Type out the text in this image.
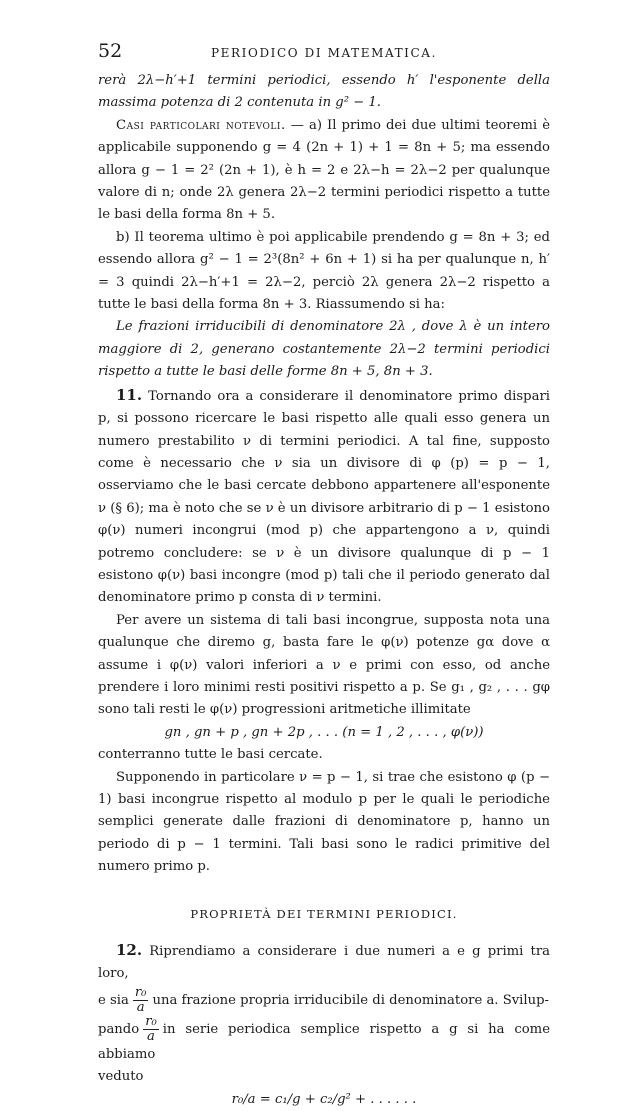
52	PERIODICO DI MATEMATICA.

rerà 2λ−h′+1 termini periodici, essendo h′ l'esponente della massima potenza di 2 contenuta in g² − 1.

Casi particolari notevoli. — a) Il primo dei due ultimi teoremi è applicabile supponendo g = 4 (2n + 1) + 1 = 8n + 5; ma essendo allora g − 1 = 2² (2n + 1), è h = 2 e 2λ−h = 2λ−2 per qualunque valore di n; onde 2λ genera 2λ−2 termini periodici rispetto a tutte le basi della forma 8n + 5.

b) Il teorema ultimo è poi applicabile prendendo g = 8n + 3; ed essendo allora g² − 1 = 2³(8n² + 6n + 1) si ha per qualunque n, h′ = 3 quindi 2λ−h′+1 = 2λ−2, perciò 2λ genera 2λ−2 rispetto a tutte le basi della forma 8n + 3. Riassumendo si ha:

Le frazioni irriducibili di denominatore 2λ , dove λ è un intero maggiore di 2, generano costantemente 2λ−2 termini periodici rispetto a tutte le basi delle forme 8n + 5, 8n + 3.

11. Tornando ora a considerare il denominatore primo dispari p, si possono ricercare le basi rispetto alle quali esso genera un numero prestabilito ν di termini periodici. A tal fine, supposto come è necessario che ν sia un divisore di φ (p) = p − 1, osserviamo che le basi cercate debbono appartenere all'esponente ν (§ 6); ma è noto che se ν è un divisore arbitrario di p − 1 esistono φ(ν) numeri incongrui (mod p) che appartengono a ν, quindi potremo concludere: se ν è un divisore qualunque di p − 1 esistono φ(ν) basi incongre (mod p) tali che il periodo generato dal denominatore primo p consta di ν termini.

Per avere un sistema di tali basi incongrue, supposta nota una qualunque che diremo g, basta fare le φ(ν) potenze gα dove α assume i φ(ν) valori inferiori a ν e primi con esso, od anche prendere i loro minimi resti positivi rispetto a p. Se g₁ , g₂ , . . . gφ sono tali resti le φ(ν) progressioni aritmetiche illimitate

gn , gn + p , gn + 2p , . . . (n = 1 , 2 , . . . , φ(ν))

conterranno tutte le basi cercate.

Supponendo in particolare ν = p − 1, si trae che esistono φ (p − 1) basi incongrue rispetto al modulo p per le quali le periodiche semplici generate dalle frazioni di denominatore p, hanno un periodo di p − 1 termini. Tali basi sono le radici primitive del numero primo p.

PROPRIETÀ DEI TERMINI PERIODICI.

12. Riprendiamo a considerare i due numeri a e g primi tra loro,

e sia $\frac{\text{r₀}}{a}$ una frazione propria irriducibile di denominatore a. Svilup-

pando $\frac{\text{r₀}}{a}$ in serie periodica semplice rispetto a g si ha come abbiamo

veduto

r₀/a = c₁/g + c₂/g² + . . . . . .
